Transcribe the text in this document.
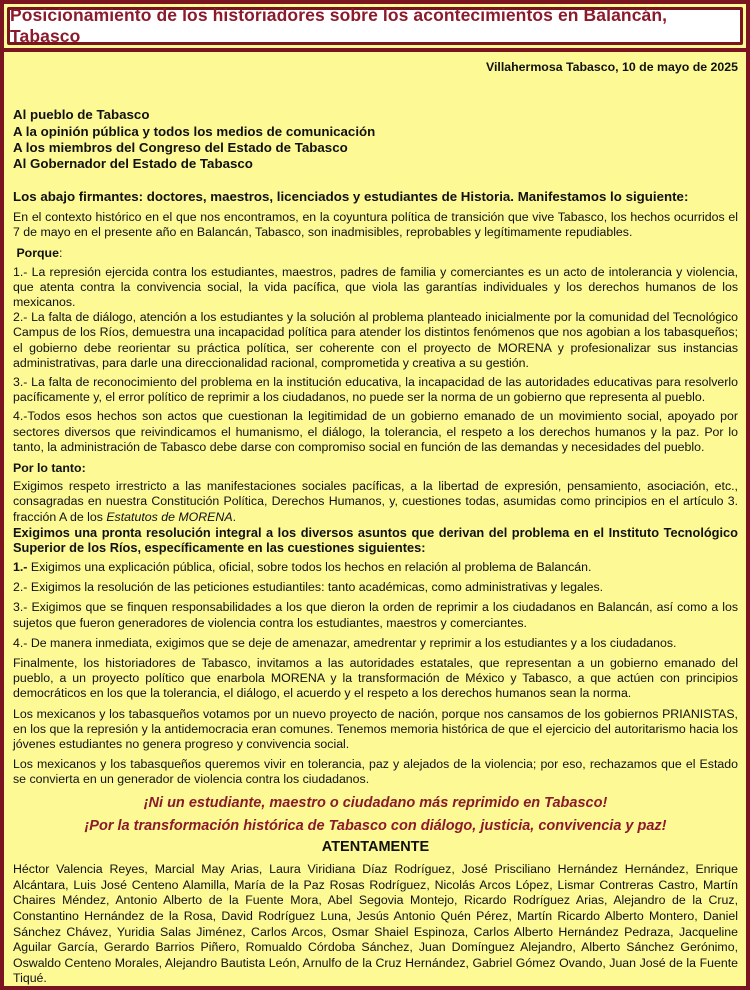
Posicionamiento de los historiadores sobre los acontecimientos en Balancán, Tabasco
Villahermosa Tabasco, 10 de mayo de 2025
Al pueblo de Tabasco
A la opinión pública y todos los medios de comunicación
A los miembros del Congreso del Estado de Tabasco
Al Gobernador del Estado de Tabasco
Los abajo firmantes: doctores, maestros, licenciados y estudiantes de Historia. Manifestamos lo siguiente:

En el contexto histórico en el que nos encontramos, en la coyuntura política de transición que vive Tabasco, los hechos ocurridos el 7 de mayo en el presente año en Balancán, Tabasco, son inadmisibles, reprobables y legítimamente repudiables.

Porque:

1.- La represión ejercida contra los estudiantes, maestros, padres de familia y comerciantes es un acto de intolerancia y violencia, que atenta contra la convivencia social, la vida pacífica, que viola las garantías individuales y los derechos humanos de los mexicanos.

2.- La falta de diálogo, atención a los estudiantes y la solución al problema planteado inicialmente por la comunidad del Tecnológico Campus de los Ríos, demuestra una incapacidad política para atender los distintos fenómenos que nos agobian a los tabasqueños; el gobierno debe reorientar su práctica política, ser coherente con el proyecto de MORENA y profesionalizar sus instancias administrativas, para darle una direccionalidad racional, comprometida y creativa a su gestión.

3.- La falta de reconocimiento del problema en la institución educativa, la incapacidad de las autoridades educativas para resolverlo pacíficamente y, el error político de reprimir a los ciudadanos, no puede ser la norma de un gobierno que representa al pueblo.

4.-Todos esos hechos son actos que cuestionan la legitimidad de un gobierno emanado de un movimiento social, apoyado por sectores diversos que reivindicamos el humanismo, el diálogo, la tolerancia, el respeto a los derechos humanos y la paz. Por lo tanto, la administración de Tabasco debe darse con compromiso social en función de las demandas y necesidades del pueblo.

Por lo tanto:

Exigimos respeto irrestricto a las manifestaciones sociales pacíficas, a la libertad de expresión, pensamiento, asociación, etc., consagradas en nuestra Constitución Política, Derechos Humanos, y, cuestiones todas, asumidas como principios en el artículo 3. fracción A de los Estatutos de MORENA.

Exigimos una pronta resolución integral a los diversos asuntos que derivan del problema en el Instituto Tecnológico Superior de los Ríos, específicamente en las cuestiones siguientes:

1.- Exigimos una explicación pública, oficial, sobre todos los hechos en relación al problema de Balancán.

2.- Exigimos la resolución de las peticiones estudiantiles: tanto académicas, como administrativas y legales.

3.- Exigimos que se finquen responsabilidades a los que dieron la orden de reprimir a los ciudadanos en Balancán, así como a los sujetos que fueron generadores de violencia contra los estudiantes, maestros y comerciantes.

4.- De manera inmediata, exigimos que se deje de amenazar, amedrentar y reprimir a los estudiantes y a los ciudadanos.

Finalmente, los historiadores de Tabasco, invitamos a las autoridades estatales, que representan a un gobierno emanado del pueblo, a un proyecto político que enarbola MORENA y la transformación de México y Tabasco, a que actúen con principios democráticos en los que la tolerancia, el diálogo, el acuerdo y el respeto a los derechos humanos sean la norma.

Los mexicanos y los tabasqueños votamos por un nuevo proyecto de nación, porque nos cansamos de los gobiernos PRIANISTAS, en los que la represión y la antidemocracia eran comunes. Tenemos memoria histórica de que el ejercicio del autoritarismo hacia los jóvenes estudiantes no genera progreso y convivencia social.

Los mexicanos y los tabasqueños queremos vivir en tolerancia, paz y alejados de la violencia; por eso, rechazamos que el Estado se convierta en un generador de violencia contra los ciudadanos.

¡Ni un estudiante, maestro o ciudadano más reprimido en Tabasco!
¡Por la transformación histórica de Tabasco con diálogo, justicia, convivencia y paz!
ATENTAMENTE

Héctor Valencia Reyes, Marcial May Arias, Laura Viridiana Díaz Rodríguez, José Prisciliano Hernández Hernández, Enrique Alcántara, Luis José Centeno Alamilla, María de la Paz Rosas Rodríguez, Nicolás Arcos López, Lismar Contreras Castro, Martín Chaires Méndez, Antonio Alberto de la Fuente Mora, Abel Segovia Montejo, Ricardo Rodríguez Arias, Alejandro de la Cruz, Constantino Hernández de la Rosa, David Rodríguez Luna, Jesús Antonio Quén Pérez, Martín Ricardo Alberto Montero, Daniel Sánchez Chávez, Yuridia Salas Jiménez, Carlos Arcos, Osmar Shaiel Espinoza, Carlos Alberto Hernández Pedraza, Jacqueline Aguilar García, Gerardo Barrios Piñero, Romualdo Córdoba Sánchez, Juan Domínguez Alejandro, Alberto Sánchez Gerónimo, Oswaldo Centeno Morales, Alejandro Bautista León, Arnulfo de la Cruz Hernández, Gabriel Gómez Ovando, Juan José de la Fuente Tiqué.
